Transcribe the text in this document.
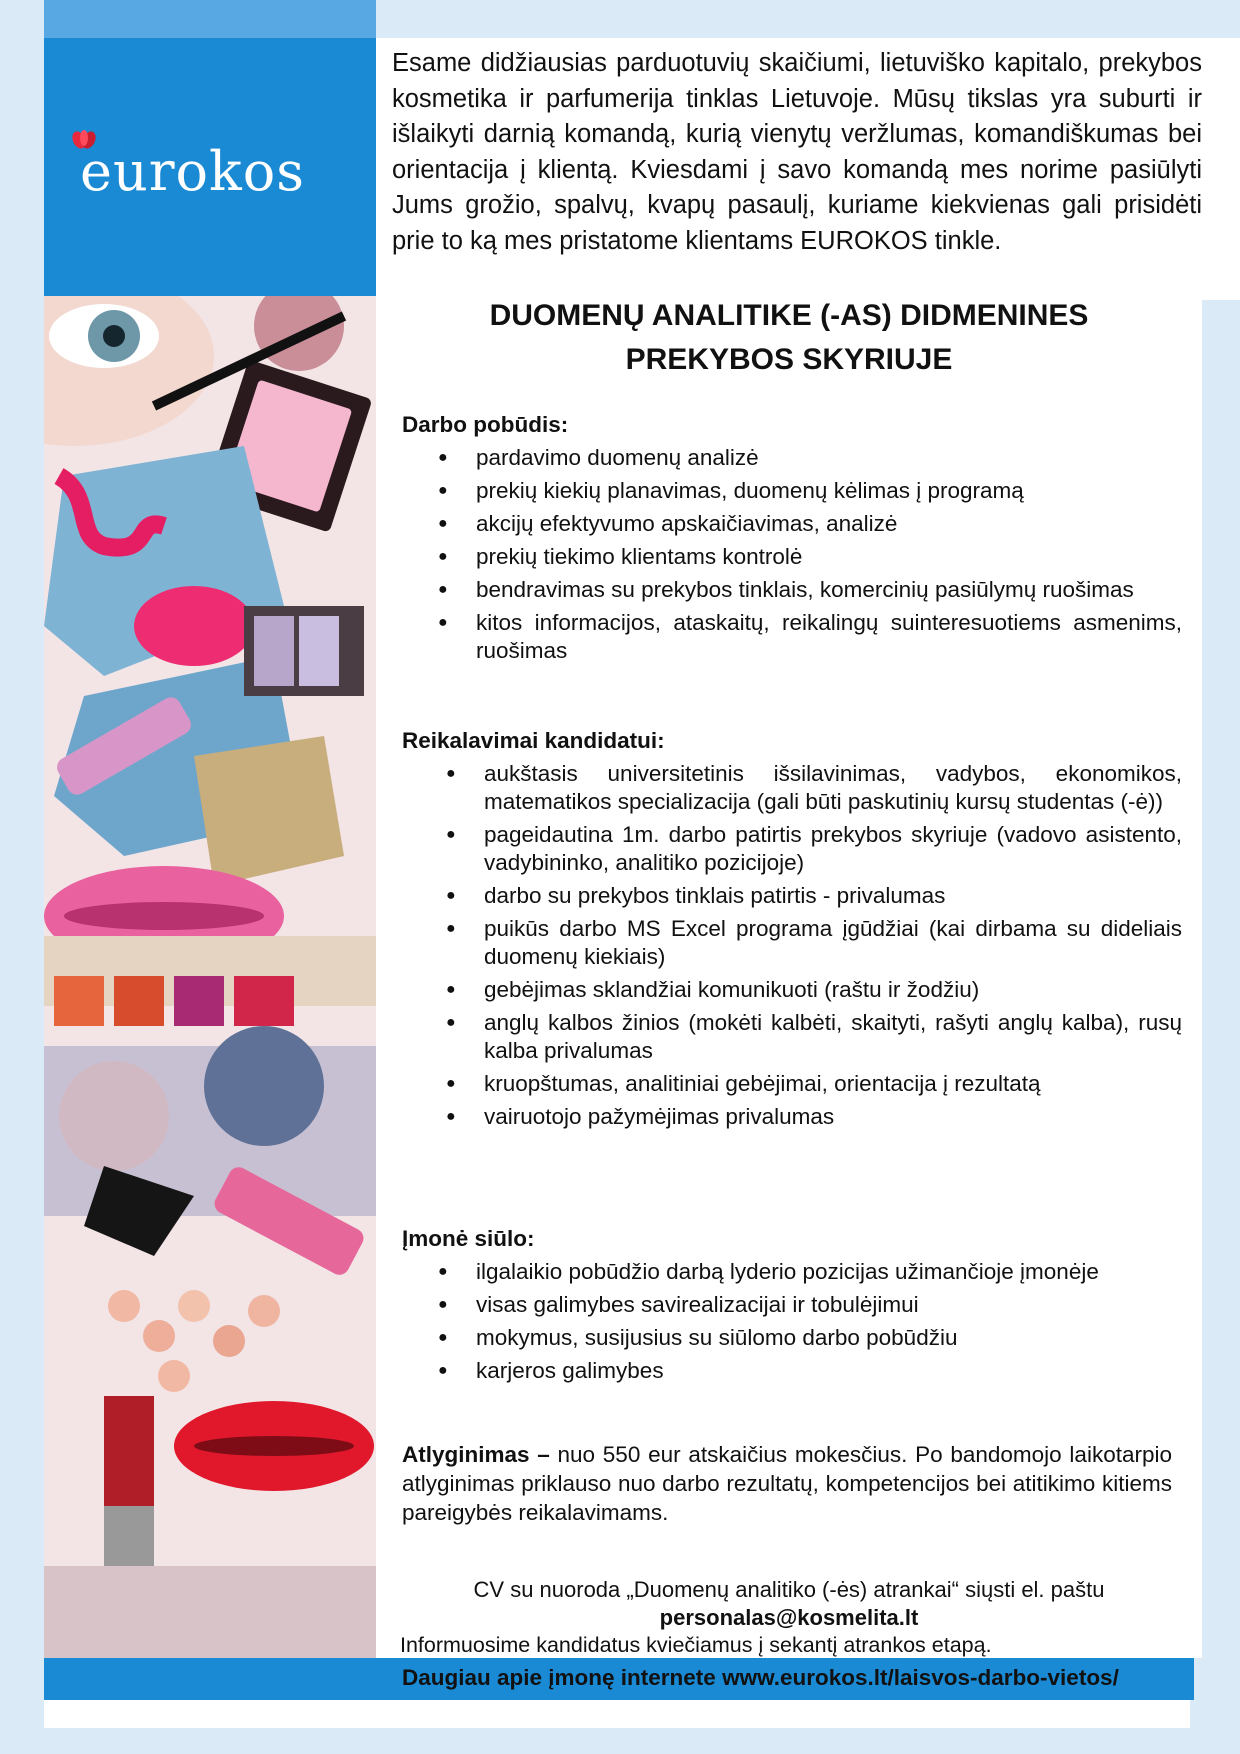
eurokos

Esame didžiausias parduotuvių skaičiumi, lietuviško kapitalo, prekybos kosmetika ir parfumerija tinklas Lietuvoje. Mūsų tikslas yra suburti ir išlaikyti darnią komandą, kurią vienytų veržlumas, komandiškumas bei orientacija į klientą. Kviesdami į savo komandą mes norime pasiūlyti Jums grožio, spalvų, kvapų pasaulį, kuriame kiekvienas gali prisidėti prie to ką mes pristatome klientams EUROKOS tinkle.

DUOMENŲ ANALITIKE (-AS) DIDMENINES
PREKYBOS SKYRIUJE
Darbo pobūdis:
● pardavimo duomenų analizė
● prekių kiekių planavimas, duomenų kėlimas į programą
● akcijų efektyvumo apskaičiavimas, analizė
● prekių tiekimo klientams kontrolė
● bendravimas su prekybos tinklais, komercinių pasiūlymų ruošimas
● kitos informacijos, ataskaitų, reikalingų suinteresuotiems asmenims, ruošimas
Reikalavimai kandidatui:
● aukštasis universitetinis išsilavinimas, vadybos, ekonomikos, matematikos specializacija (gali būti paskutinių kursų studentas (-ė))
● pageidautina 1m. darbo patirtis prekybos skyriuje (vadovo asistento, vadybininko, analitiko pozicijoje)
● darbo su prekybos tinklais patirtis - privalumas
● puikūs darbo MS Excel programa įgūdžiai (kai dirbama su dideliais duomenų kiekiais)
● gebėjimas sklandžiai komunikuoti (raštu ir žodžiu)
● anglų kalbos žinios (mokėti kalbėti, skaityti, rašyti anglų kalba), rusų kalba privalumas
● kruopštumas, analitiniai gebėjimai, orientacija į rezultatą
● vairuotojo pažymėjimas privalumas
Įmonė siūlo:
● ilgalaikio pobūdžio darbą lyderio pozicijas užimančioje įmonėje
● visas galimybes savirealizacijai ir tobulėjimui
● mokymus, susijusius su siūlomo darbo pobūdžiu
● karjeros galimybes

Atlyginimas – nuo 550 eur atskaičius mokesčius. Po bandomojo laikotarpio atlyginimas priklauso nuo darbo rezultatų, kompetencijos bei atitikimo kitiems pareigybės reikalavimams.

CV su nuoroda „Duomenų analitiko (-ės) atrankai“ siųsti el. paštu
personalas@kosmelita.lt
Informuosime kandidatus kviečiamus į sekantį atrankos etapą.
Daugiau apie įmonę internete www.eurokos.lt/laisvos-darbo-vietos/
